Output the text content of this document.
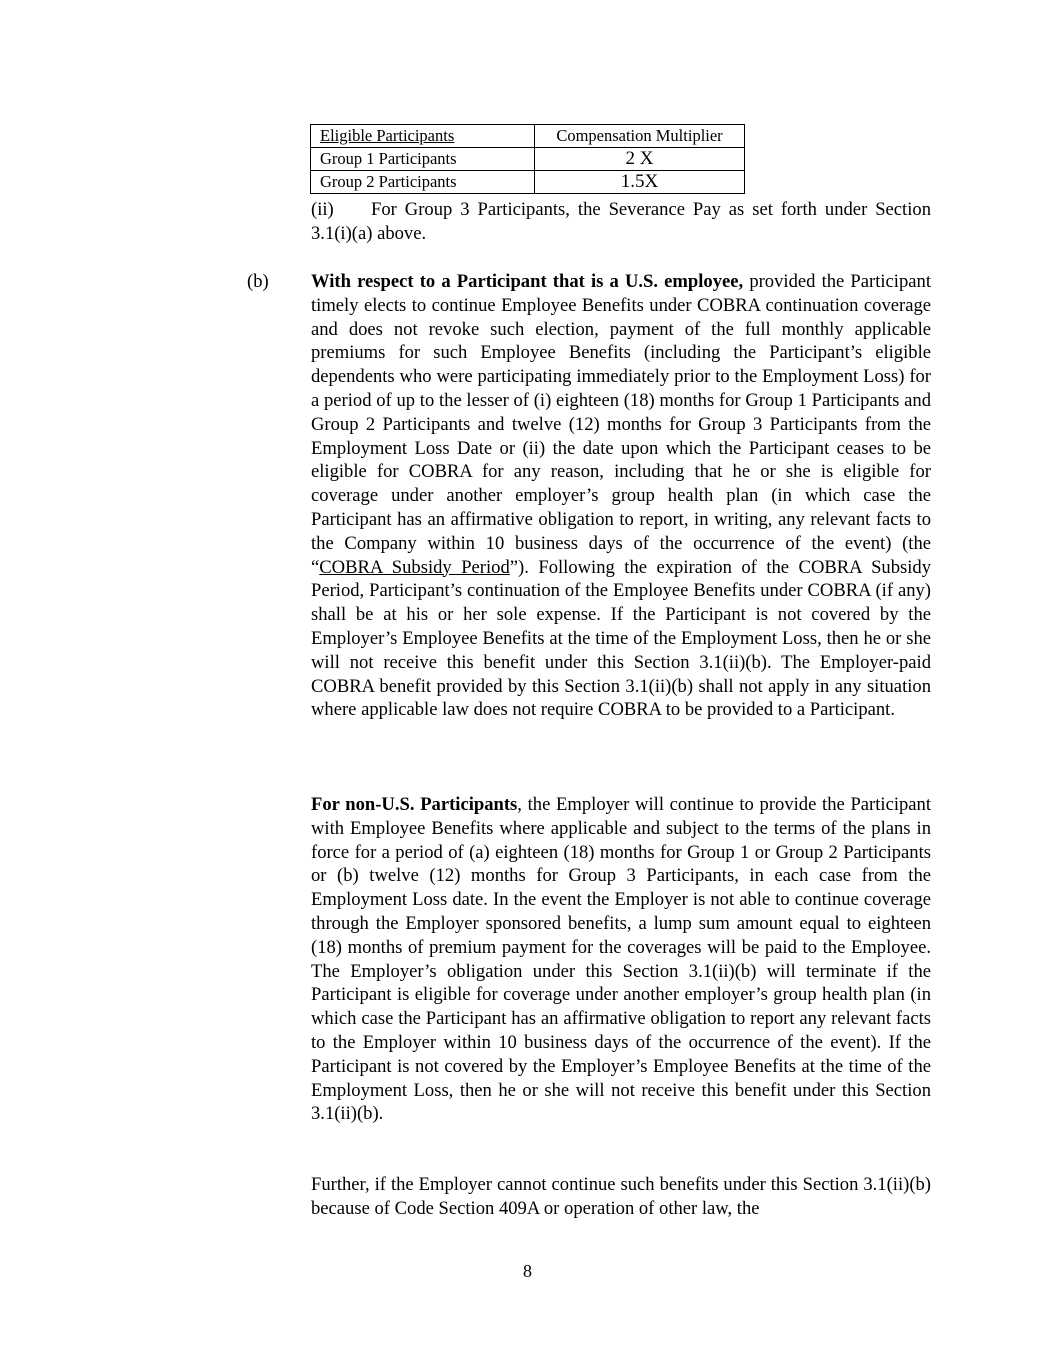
Eligible Participants	Compensation Multiplier
Group 1 Participants	2 X
Group 2 Participants	1.5X

(ii) For Group 3 Participants, the Severance Pay as set forth under Section 3.1(i)(a) above.

(b) With respect to a Participant that is a U.S. employee, provided the Participant timely elects to continue Employee Benefits under COBRA continuation coverage and does not revoke such election, payment of the full monthly applicable premiums for such Employee Benefits (including the Participant’s eligible dependents who were participating immediately prior to the Employment Loss) for a period of up to the lesser of (i) eighteen (18) months for Group 1 Participants and Group 2 Participants and twelve (12) months for Group 3 Participants from the Employment Loss Date or (ii) the date upon which the Participant ceases to be eligible for COBRA for any reason, including that he or she is eligible for coverage under another employer’s group health plan (in which case the Participant has an affirmative obligation to report, in writing, any relevant facts to the Company within 10 business days of the occurrence of the event) (the “COBRA Subsidy Period”). Following the expiration of the COBRA Subsidy Period, Participant’s continuation of the Employee Benefits under COBRA (if any) shall be at his or her sole expense. If the Participant is not covered by the Employer’s Employee Benefits at the time of the Employment Loss, then he or she will not receive this benefit under this Section 3.1(ii)(b). The Employer-paid COBRA benefit provided by this Section 3.1(ii)(b) shall not apply in any situation where applicable law does not require COBRA to be provided to a Participant.

For non-U.S. Participants, the Employer will continue to provide the Participant with Employee Benefits where applicable and subject to the terms of the plans in force for a period of (a) eighteen (18) months for Group 1 or Group 2 Participants or (b) twelve (12) months for Group 3 Participants, in each case from the Employment Loss date. In the event the Employer is not able to continue coverage through the Employer sponsored benefits, a lump sum amount equal to eighteen (18) months of premium payment for the coverages will be paid to the Employee. The Employer’s obligation under this Section 3.1(ii)(b) will terminate if the Participant is eligible for coverage under another employer’s group health plan (in which case the Participant has an affirmative obligation to report any relevant facts to the Employer within 10 business days of the occurrence of the event). If the Participant is not covered by the Employer’s Employee Benefits at the time of the Employment Loss, then he or she will not receive this benefit under this Section 3.1(ii)(b).

Further, if the Employer cannot continue such benefits under this Section 3.1(ii)(b) because of Code Section 409A or operation of other law, the

8
